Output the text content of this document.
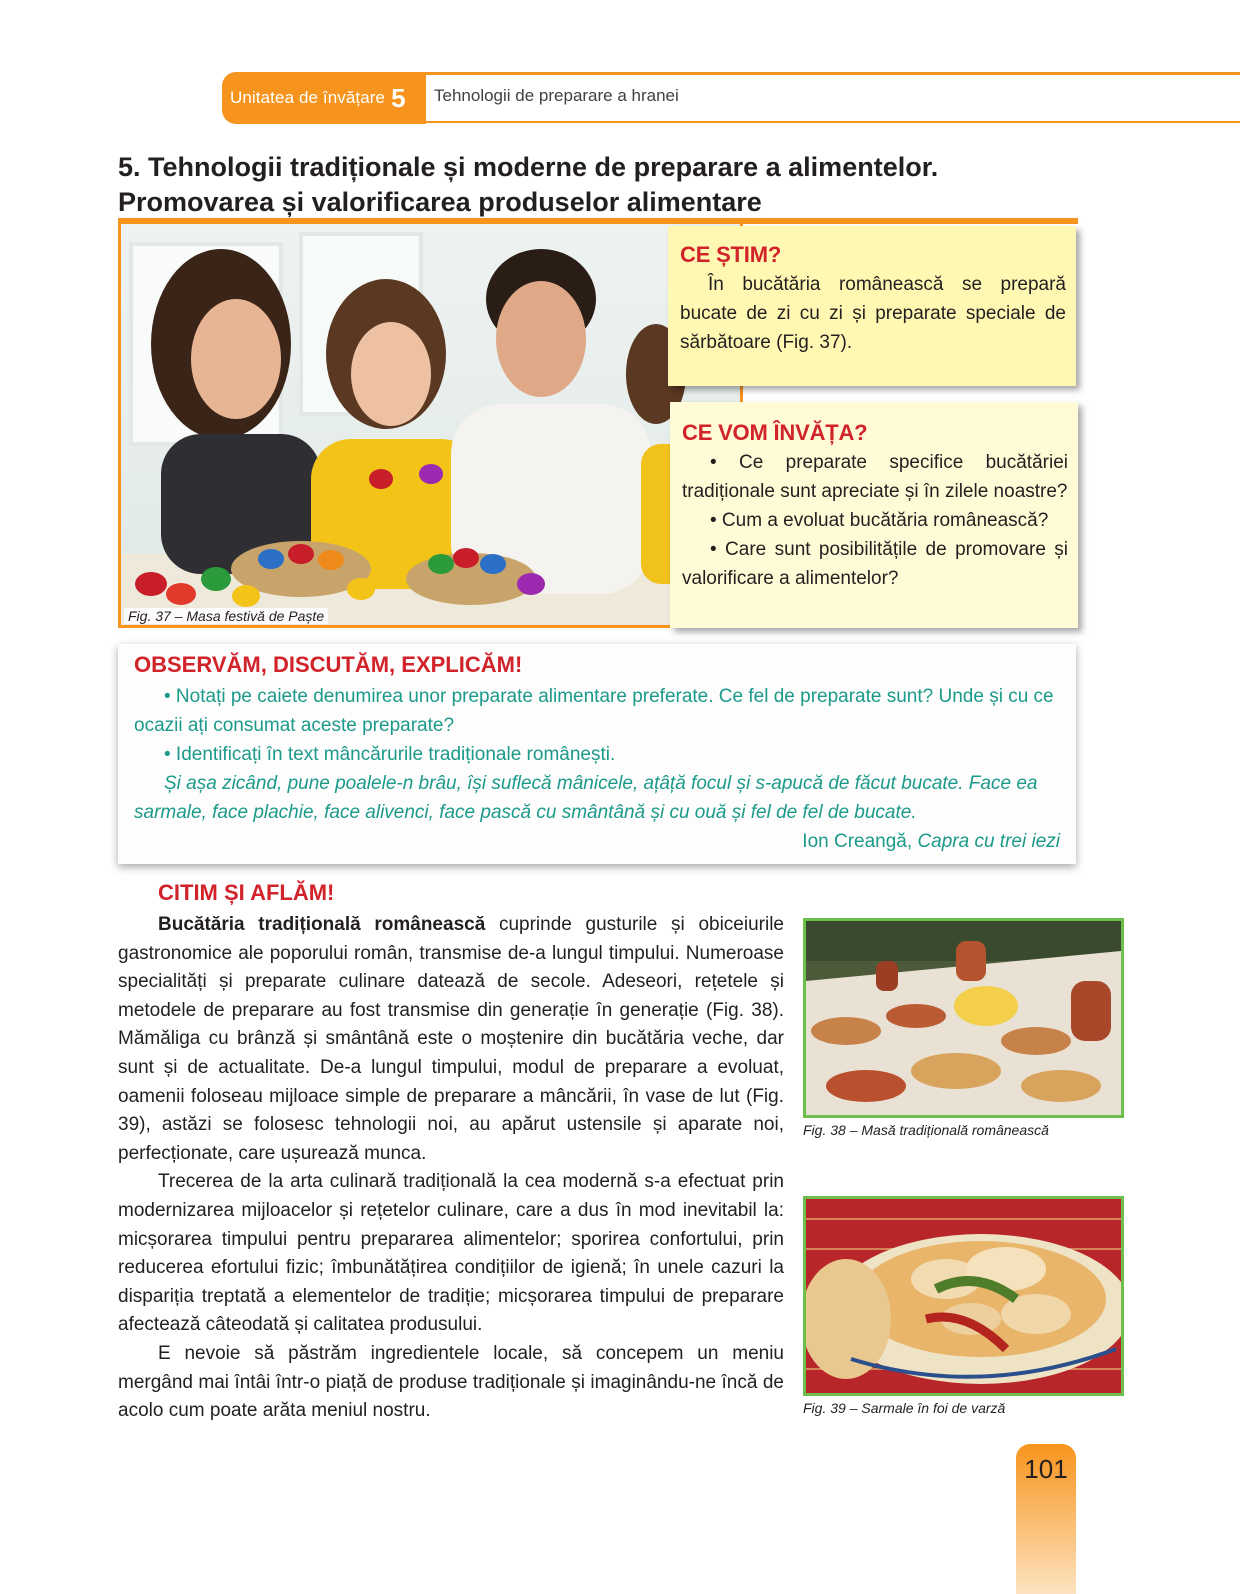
Unitatea de învățare 5 Tehnologii de preparare a hranei
5. Tehnologii tradiționale și moderne de preparare a alimentelor.
Promovarea și valorificarea produselor alimentare
Fig. 37 – Masa festivă de Paște
CE ȘTIM?

În bucătăria românească se prepară bucate de zi cu zi și preparate speciale de sărbătoare (Fig. 37).

CE VOM ÎNVĂȚA?

• Ce preparate specifice bucătăriei tradiționale sunt apreciate și în zilele noastre?

• Cum a evoluat bucătăria românească?

• Care sunt posibilitățile de promovare și valorificare a alimentelor?

OBSERVĂM, DISCUTĂM, EXPLICĂM!
• Notați pe caiete denumirea unor preparate alimentare preferate. Ce fel de preparate sunt? Unde și cu ce ocazii ați consumat aceste preparate?
• Identificați în text mâncărurile tradiționale românești.
Și așa zicând, pune poalele-n brâu, își suflecă mânicele, ațâță focul și s-apucă de făcut bucate. Face ea sarmale, face plachie, face alivenci, face pască cu smântână și cu ouă și fel de fel de bucate.
Ion Creangă, Capra cu trei iezi
CITIM ȘI AFLĂM!

Bucătăria tradițională românească cuprinde gusturile și obiceiurile gastronomice ale poporului român, transmise de-a lungul timpului. Numeroase specialități și preparate culinare datează de secole. Adeseori, rețetele și metodele de preparare au fost transmise din generație în generație (Fig. 38). Mămăliga cu brânză și smântână este o moștenire din bucătăria veche, dar sunt și de actualitate. De-a lungul timpului, modul de preparare a evoluat, oamenii foloseau mijloace simple de preparare a mâncării, în vase de lut (Fig. 39), astăzi se folosesc tehnologii noi, au apărut ustensile și aparate noi, perfecționate, care ușurează munca.

Trecerea de la arta culinară tradițională la cea modernă s-a efectuat prin modernizarea mijloacelor și rețetelor culinare, care a dus în mod inevitabil la: micșorarea timpului pentru prepararea alimentelor; sporirea confortului, prin reducerea efortului fizic; îmbunătățirea condițiilor de igienă; în unele cazuri la dispariția treptată a elementelor de tradiție; micșorarea timpului de preparare afectează câteodată și calitatea produsului.

E nevoie să păstrăm ingredientele locale, să concepem un meniu mergând mai întâi într-o piață de produse tradiționale și imaginându-ne încă de acolo cum poate arăta meniul nostru.

Fig. 38 – Masă tradițională românească
Fig. 39 – Sarmale în foi de varză
101
